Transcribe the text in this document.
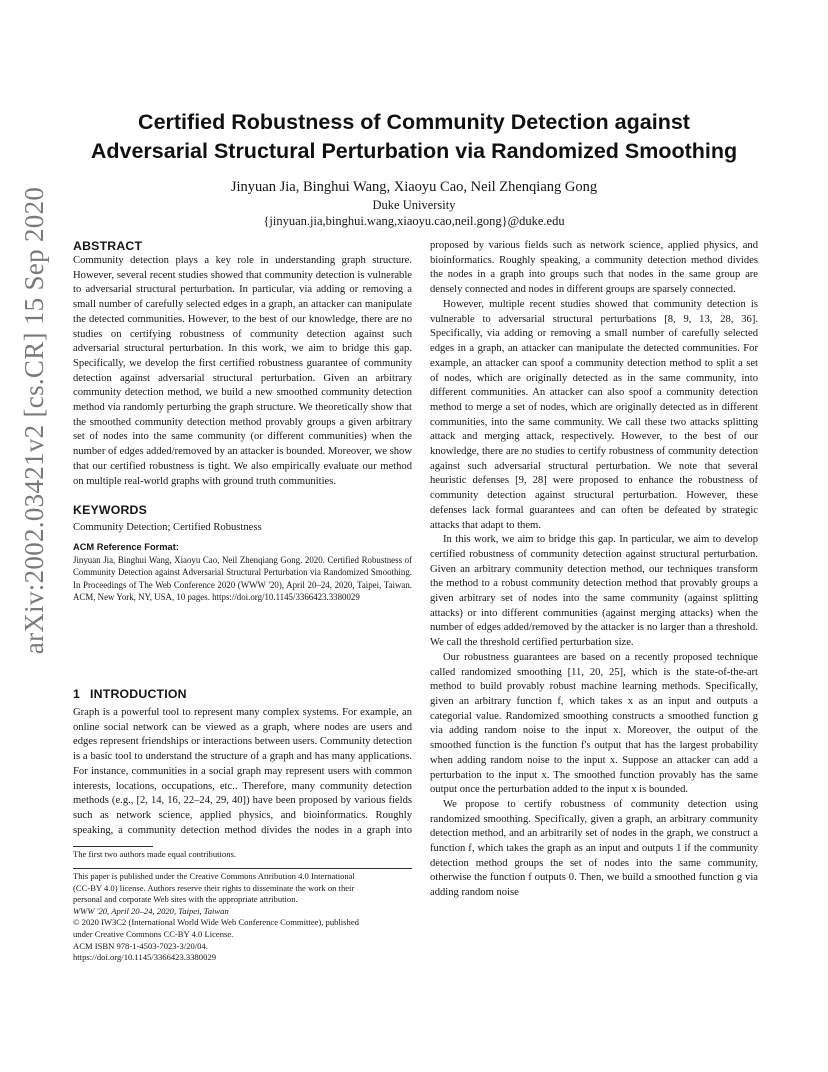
arXiv:2002.03421v2 [cs.CR] 15 Sep 2020
Certified Robustness of Community Detection against
Adversarial Structural Perturbation via Randomized Smoothing
Jinyuan Jia, Binghui Wang, Xiaoyu Cao, Neil Zhenqiang Gong
Duke University
{jinyuan.jia,binghui.wang,xiaoyu.cao,neil.gong}@duke.edu
ABSTRACT

Community detection plays a key role in understanding graph structure. However, several recent studies showed that community detection is vulnerable to adversarial structural perturbation. In particular, via adding or removing a small number of carefully selected edges in a graph, an attacker can manipulate the detected communities. However, to the best of our knowledge, there are no studies on certifying robustness of community detection against such adversarial structural perturbation. In this work, we aim to bridge this gap. Specifically, we develop the first certified robustness guarantee of community detection against adversarial structural perturbation. Given an arbitrary community detection method, we build a new smoothed community detection method via randomly perturbing the graph structure. We theoretically show that the smoothed community detection method provably groups a given arbitrary set of nodes into the same community (or different communities) when the number of edges added/removed by an attacker is bounded. Moreover, we show that our certified robustness is tight. We also empirically evaluate our method on multiple real-world graphs with ground truth communities.

KEYWORDS

Community Detection; Certified Robustness

ACM Reference Format:

Jinyuan Jia, Binghui Wang, Xiaoyu Cao, Neil Zhenqiang Gong. 2020. Certified Robustness of Community Detection against Adversarial Structural Perturbation via Randomized Smoothing. In Proceedings of The Web Conference 2020 (WWW '20), April 20–24, 2020, Taipei, Taiwan. ACM, New York, NY, USA, 10 pages. https://doi.org/10.1145/3366423.3380029

1 INTRODUCTION

Graph is a powerful tool to represent many complex systems. For example, an online social network can be viewed as a graph, where nodes are users and edges represent friendships or interactions between users. Community detection is a basic tool to understand the structure of a graph and has many applications. For instance, communities in a social graph may represent users with common interests, locations, occupations, etc.. Therefore, many community detection methods (e.g., [2, 14, 16, 22–24, 29, 40]) have been proposed by various fields such as network science, applied physics, and bioinformatics. Roughly speaking, a community detection method divides the nodes in a graph into

The first two authors made equal contributions.
This paper is published under the Creative Commons Attribution 4.0 International
(CC-BY 4.0) license. Authors reserve their rights to disseminate the work on their
personal and corporate Web sites with the appropriate attribution.
WWW '20, April 20–24, 2020, Taipei, Taiwan
© 2020 IW3C2 (International World Wide Web Conference Committee), published
under Creative Commons CC-BY 4.0 License.
ACM ISBN 978-1-4503-7023-3/20/04.
https://doi.org/10.1145/3366423.3380029

proposed by various fields such as network science, applied physics, and bioinformatics. Roughly speaking, a community detection method divides the nodes in a graph into groups such that nodes in the same group are densely connected and nodes in different groups are sparsely connected.

However, multiple recent studies showed that community detection is vulnerable to adversarial structural perturbations [8, 9, 13, 28, 36]. Specifically, via adding or removing a small number of carefully selected edges in a graph, an attacker can manipulate the detected communities. For example, an attacker can spoof a community detection method to split a set of nodes, which are originally detected as in the same community, into different communities. An attacker can also spoof a community detection method to merge a set of nodes, which are originally detected as in different communities, into the same community. We call these two attacks splitting attack and merging attack, respectively. However, to the best of our knowledge, there are no studies to certify robustness of community detection against such adversarial structural perturbation. We note that several heuristic defenses [9, 28] were proposed to enhance the robustness of community detection against structural perturbation. However, these defenses lack formal guarantees and can often be defeated by strategic attacks that adapt to them.

In this work, we aim to bridge this gap. In particular, we aim to develop certified robustness of community detection against structural perturbation. Given an arbitrary community detection method, our techniques transform the method to a robust community detection method that provably groups a given arbitrary set of nodes into the same community (against splitting attacks) or into different communities (against merging attacks) when the number of edges added/removed by the attacker is no larger than a threshold. We call the threshold certified perturbation size.

Our robustness guarantees are based on a recently proposed technique called randomized smoothing [11, 20, 25], which is the state-of-the-art method to build provably robust machine learning methods. Specifically, given an arbitrary function f, which takes x as an input and outputs a categorial value. Randomized smoothing constructs a smoothed function g via adding random noise to the input x. Moreover, the output of the smoothed function is the function f's output that has the largest probability when adding random noise to the input x. Suppose an attacker can add a perturbation to the input x. The smoothed function provably has the same output once the perturbation added to the input x is bounded.

We propose to certify robustness of community detection using randomized smoothing. Specifically, given a graph, an arbitrary community detection method, and an arbitrarily set of nodes in the graph, we construct a function f, which takes the graph as an input and outputs 1 if the community detection method groups the set of nodes into the same community, otherwise the function f outputs 0. Then, we build a smoothed function g via adding random noise
